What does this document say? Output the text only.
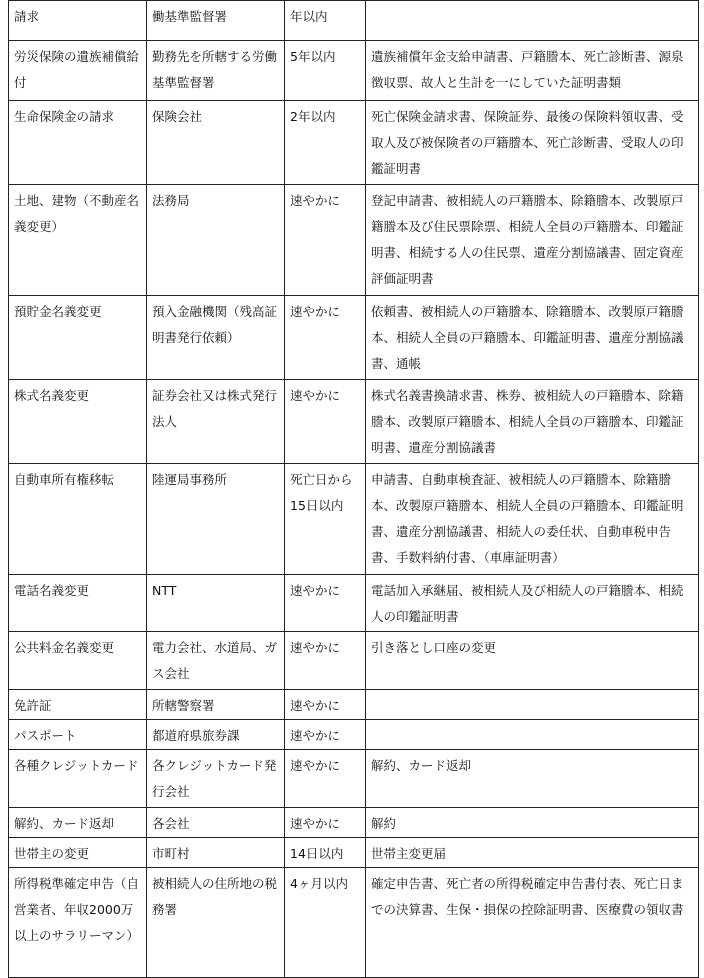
請求	働基準監督署	年以内	
労災保険の遺族補償給付	勤務先を所轄する労働基準監督署	5年以内	遺族補償年金支給申請書、戸籍謄本、死亡診断書、源泉徴収票、故人と生計を一にしていた証明書類
生命保険金の請求	保険会社	2年以内	死亡保険金請求書、保険証券、最後の保険料領収書、受取人及び被保険者の戸籍謄本、死亡診断書、受取人の印鑑証明書
土地、建物（不動産名義変更）	法務局	速やかに	登記申請書、被相続人の戸籍謄本、除籍謄本、改製原戸籍謄本及び住民票除票、相続人全員の戸籍謄本、印鑑証明書、相続する人の住民票、遺産分割協議書、固定資産評価証明書
預貯金名義変更	預入金融機関（残高証明書発行依頼）	速やかに	依頼書、被相続人の戸籍謄本、除籍謄本、改製原戸籍謄本、相続人全員の戸籍謄本、印鑑証明書、遺産分割協議書、通帳
株式名義変更	証券会社又は株式発行法人	速やかに	株式名義書換請求書、株券、被相続人の戸籍謄本、除籍謄本、改製原戸籍謄本、相続人全員の戸籍謄本、印鑑証明書、遺産分割協議書
自動車所有権移転	陸運局事務所	死亡日から15日以内	申請書、自動車検査証、被相続人の戸籍謄本、除籍謄本、改製原戸籍謄本、相続人全員の戸籍謄本、印鑑証明書、遺産分割協議書、相続人の委任状、自動車税申告書、手数料納付書、（車庫証明書）
電話名義変更	NTT	速やかに	電話加入承継届、被相続人及び相続人の戸籍謄本、相続人の印鑑証明書
公共料金名義変更	電力会社、水道局、ガス会社	速やかに	引き落とし口座の変更
免許証	所轄警察署	速やかに	
パスポート	都道府県旅券課	速やかに	
各種クレジットカード	各クレジットカード発行会社	速やかに	解約、カード返却
解約、カード返却	各会社	速やかに	解約
世帯主の変更	市町村	14日以内	世帯主変更届
所得税準確定申告（自営業者、年収2000万以上のサラリーマン）	被相続人の住所地の税務署	4ヶ月以内	確定申告書、死亡者の所得税確定申告書付表、死亡日までの決算書、生保・損保の控除証明書、医療費の領収書
